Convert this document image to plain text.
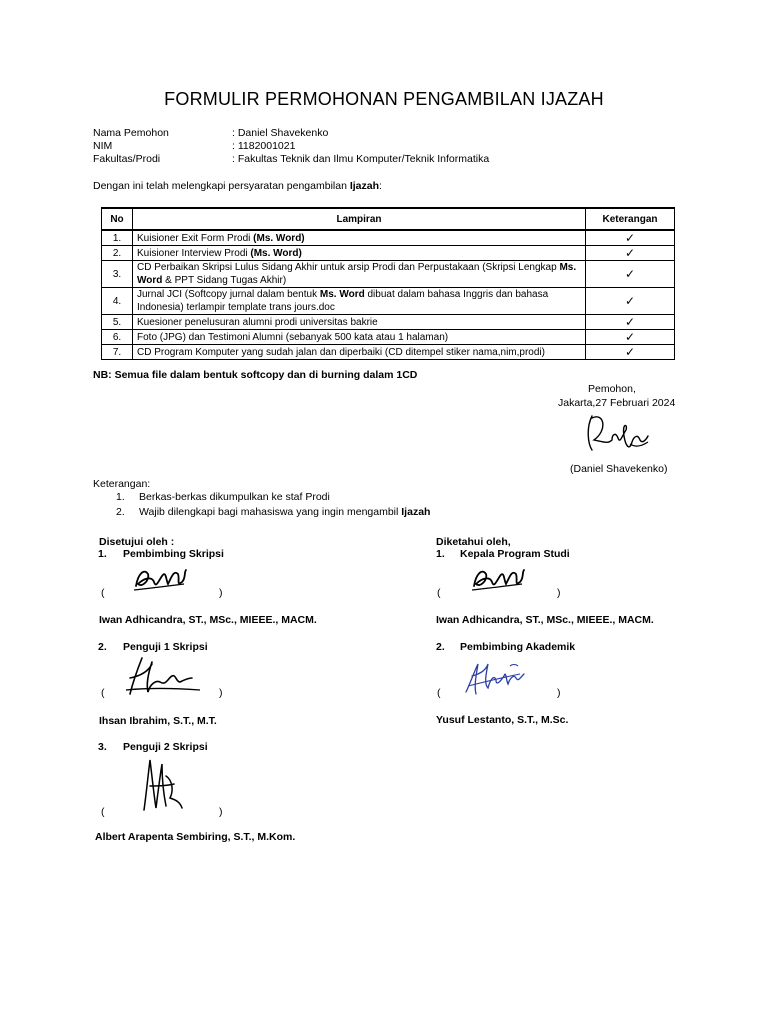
FORMULIR PERMOHONAN PENGAMBILAN IJAZAH
Nama Pemohon	: Daniel Shavekenko
NIM	: 1182001021
Fakultas/Prodi	: Fakultas Teknik dan Ilmu Komputer/Teknik Informatika
Dengan ini telah melengkapi persyaratan pengambilan Ijazah:
No	Lampiran	Keterangan
1.	Kuisioner Exit Form Prodi (Ms. Word)	✓
2.	Kuisioner Interview Prodi (Ms. Word)	✓
3.	CD Perbaikan Skripsi Lulus Sidang Akhir untuk arsip Prodi dan Perpustakaan (Skripsi Lengkap Ms. Word & PPT Sidang Tugas Akhir)	✓
4.	Jurnal JCI (Softcopy jurnal dalam bentuk Ms. Word dibuat dalam bahasa Inggris dan bahasa Indonesia) terlampir template trans jours.doc	✓
5.	Kuesioner penelusuran alumni prodi universitas bakrie	✓
6.	Foto (JPG) dan Testimoni Alumni (sebanyak 500 kata atau 1 halaman)	✓
7.	CD Program Komputer yang sudah jalan dan diperbaiki (CD ditempel stiker nama,nim,prodi)	✓
NB: Semua file dalam bentuk softcopy dan di burning dalam 1CD
Pemohon,
Jakarta,27 Februari 2024
(Daniel Shavekenko)
Keterangan:
1. Berkas-berkas dikumpulkan ke staf Prodi
2. Wajib dilengkapi bagi mahasiswa yang ingin mengambil Ijazah
Disetujui oleh :	Diketahui oleh,
1. Pembimbing Skripsi
(	)
Iwan Adhicandra, ST., MSc., MIEEE., MACM.
2. Penguji 1 Skripsi
(	)
Ihsan Ibrahim, S.T., M.T.
3. Penguji 2 Skripsi
(	)
Albert Arapenta Sembiring, S.T., M.Kom.
1. Kepala Program Studi
(	)
Iwan Adhicandra, ST., MSc., MIEEE., MACM.
2. Pembimbing Akademik
(	)
Yusuf Lestanto, S.T., M.Sc.
